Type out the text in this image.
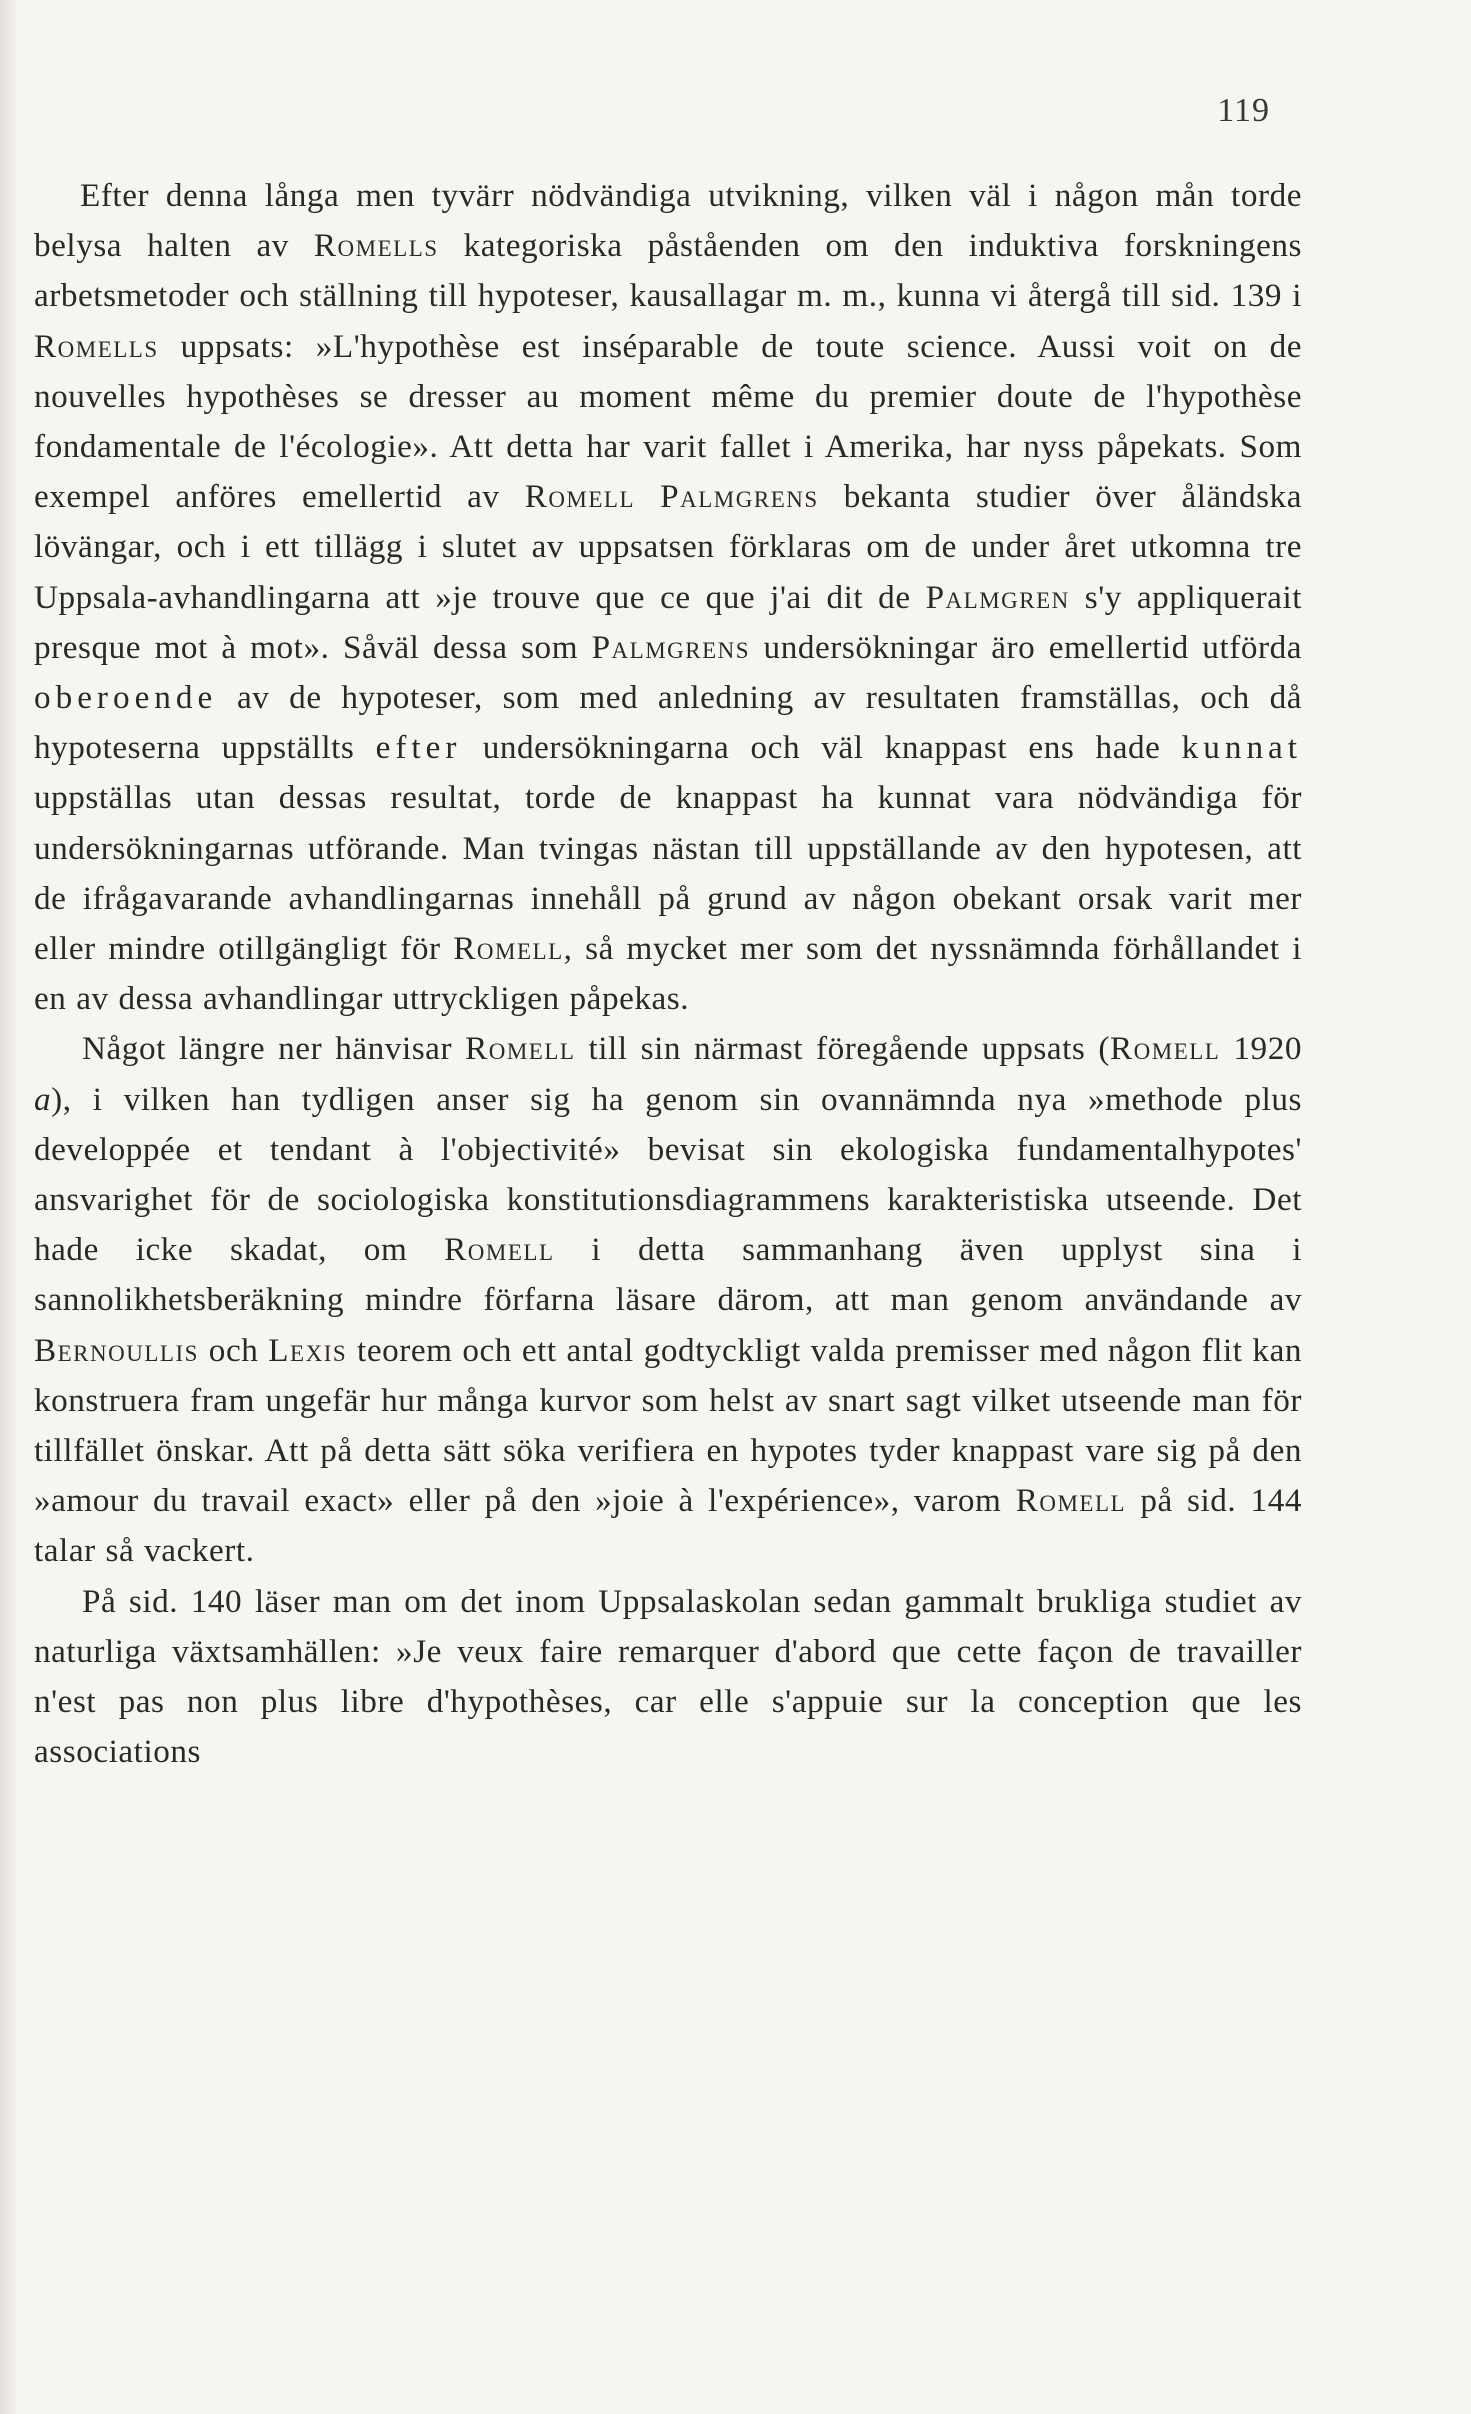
119

Efter denna långa men tyvärr nödvändiga utvikning, vilken väl i någon mån torde belysa halten av Romells kategoriska påståenden om den induktiva forskningens arbetsmetoder och ställning till hypoteser, kausallagar m. m., kunna vi återgå till sid. 139 i Romells uppsats: »L'hypothèse est inséparable de toute science. Aussi voit on de nouvelles hypothèses se dresser au moment même du premier doute de l'hypothèse fondamentale de l'écologie». Att detta har varit fallet i Amerika, har nyss påpekats. Som exempel anföres emellertid av Romell Palmgrens bekanta studier över åländska lövängar, och i ett tillägg i slutet av uppsatsen förklaras om de under året utkomna tre Uppsala-avhandlingarna att »je trouve que ce que j'ai dit de Palmgren s'y appliquerait presque mot à mot». Såväl dessa som Palmgrens undersökningar äro emellertid utförda oberoende av de hypoteser, som med anledning av resultaten framställas, och då hypoteserna uppställts efter undersökningarna och väl knappast ens hade kunnat uppställas utan dessas resultat, torde de knappast ha kunnat vara nödvändiga för undersökningarnas utförande. Man tvingas nästan till uppställande av den hypotesen, att de ifrågavarande avhandlingarnas innehåll på grund av någon obekant orsak varit mer eller mindre otillgängligt för Romell, så mycket mer som det nyssnämnda förhållandet i en av dessa avhandlingar uttryckligen påpekas.

Något längre ner hänvisar Romell till sin närmast föregående uppsats (Romell 1920 a), i vilken han tydligen anser sig ha genom sin ovannämnda nya »methode plus developpée et tendant à l'objectivité» bevisat sin ekologiska fundamentalhypotes' ansvarighet för de sociologiska konstitutionsdiagrammens karakteristiska utseende. Det hade icke skadat, om Romell i detta sammanhang även upplyst sina i sannolikhetsberäkning mindre förfarna läsare därom, att man genom användande av Bernoullis och Lexis teorem och ett antal godtyckligt valda premisser med någon flit kan konstruera fram ungefär hur många kurvor som helst av snart sagt vilket utseende man för tillfället önskar. Att på detta sätt söka verifiera en hypotes tyder knappast vare sig på den »amour du travail exact» eller på den »joie à l'expérience», varom Romell på sid. 144 talar så vackert.

På sid. 140 läser man om det inom Uppsalaskolan sedan gammalt brukliga studiet av naturliga växtsamhällen: »Je veux faire remarquer d'abord que cette façon de travailler n'est pas non plus libre d'hypothèses, car elle s'appuie sur la conception que les associations
